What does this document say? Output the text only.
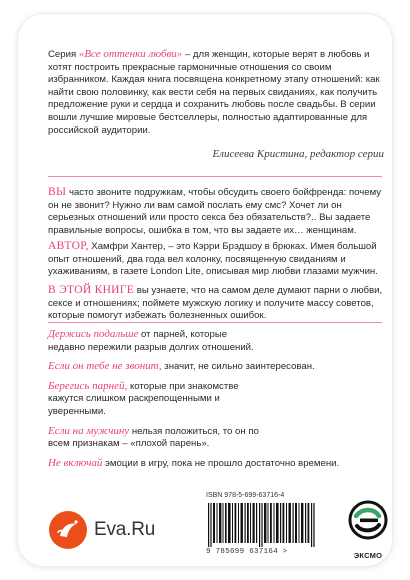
Серия «Все оттенки любви» – для женщин, которые верят в любовь и хотят построить прекрасные гармоничные отношения со своим избранником. Каждая книга посвящена конкретному этапу отношений: как найти свою половинку, как вести себя на первых свиданиях, как получить предложение руки и сердца и сохранить любовь после свадьбы. В серии вошли лучшие мировые бестселлеры, полностью адаптированные для российской аудитории.
Елисеева Кристина, редактор серии
ВЫ часто звоните подружкам, чтобы обсудить своего бойфренда: почему он не звонит? Нужно ли вам самой послать ему смс? Хочет ли он серьезных отношений или просто секса без обязательств?.. Вы задаете правильные вопросы, ошибка в том, что вы задаете их… женщинам.
АВТОР, Хамфри Хантер, – это Кэрри Брэдшоу в брюках. Имея большой опыт отношений, два года вел колонку, посвященную свиданиям и ухаживаниям, в газете London Lite, описывая мир любви глазами мужчин.
В ЭТОЙ КНИГЕ вы узнаете, что на самом деле думают парни о любви, сексе и отношениях; поймете мужскую логику и получите массу советов, которые помогут избежать болезненных ошибок.
Держись подальше от парней, которые недавно пережили разрыв долгих отношений.
Если он тебе не звонит, значит, не сильно заинтересован.
Берегись парней, которые при знакомстве кажутся слишком раскрепощенными и уверенными.
Если на мужчину нельзя положиться, то он по всем признакам – «плохой парень».
Не включай эмоции в игру, пока не прошло достаточно времени.
Eva.Ru
ISBN 978-5-699-63716-4
9 785699 637164 >	ЭКСМО
